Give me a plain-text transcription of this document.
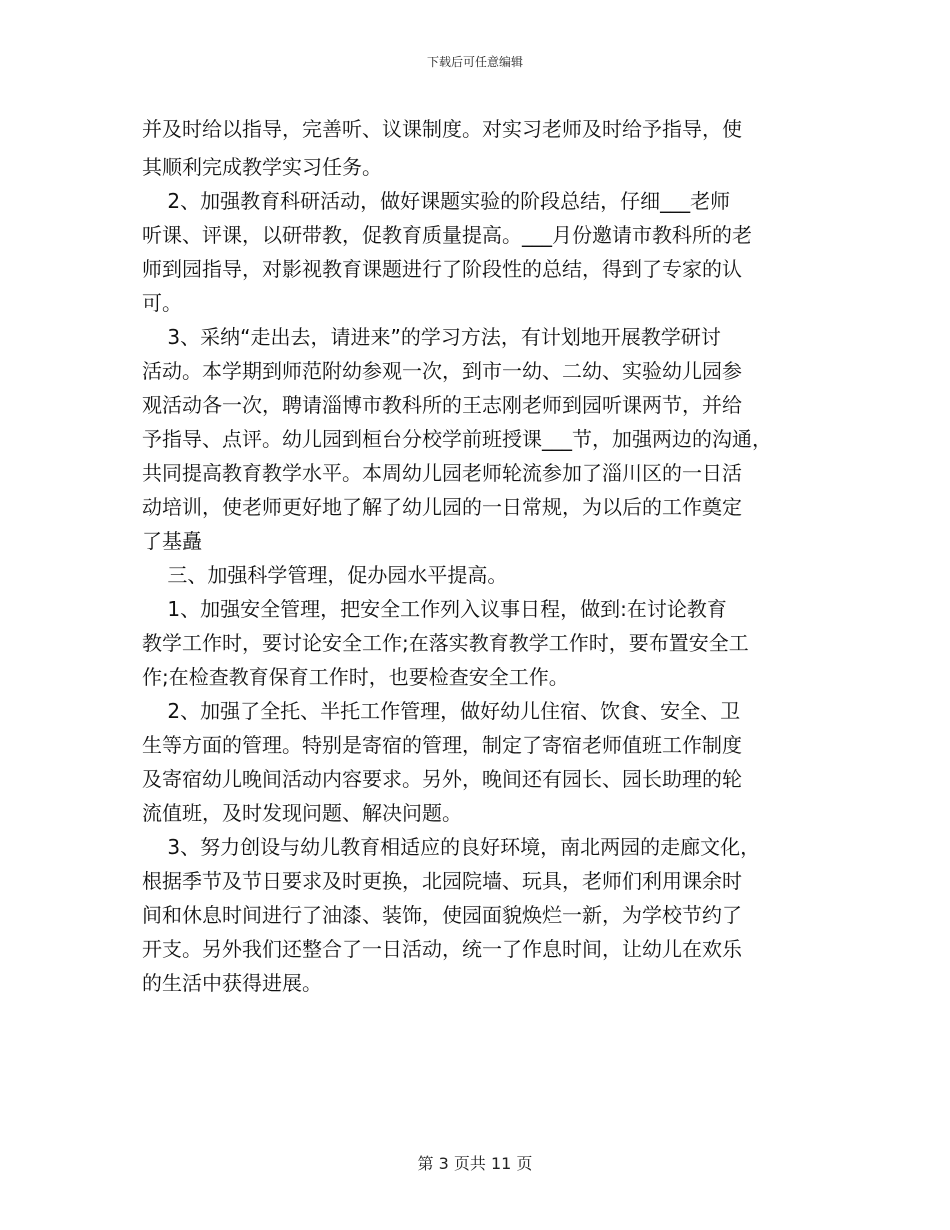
下载后可任意编辑
并及时给以指导，完善听、议课制度。对实习老师及时给予指导，使
其顺利完成教学实习任务。
2、加强教育科研活动，做好课题实验的阶段总结，仔细___老师
听课、评课，以研带教，促教育质量提高。___月份邀请市教科所的老
师到园指导，对影视教育课题进行了阶段性的总结，得到了专家的认
可。
3、采纳“走出去，请进来”的学习方法，有计划地开展教学研讨
活动。本学期到师范附幼参观一次，到市一幼、二幼、实验幼儿园参
观活动各一次，聘请淄博市教科所的王志刚老师到园听课两节，并给
予指导、点评。幼儿园到桓台分校学前班授课___节，加强两边的沟通，
共同提高教育教学水平。本周幼儿园老师轮流参加了淄川区的一日活
动培训，使老师更好地了解了幼儿园的一日常规，为以后的工作奠定
了基矗
三、加强科学管理，促办园水平提高。
1、加强安全管理，把安全工作列入议事日程，做到:在讨论教育
教学工作时，要讨论安全工作;在落实教育教学工作时，要布置安全工
作;在检查教育保育工作时，也要检查安全工作。
2、加强了全托、半托工作管理，做好幼儿住宿、饮食、安全、卫
生等方面的管理。特别是寄宿的管理，制定了寄宿老师值班工作制度
及寄宿幼儿晚间活动内容要求。另外，晚间还有园长、园长助理的轮
流值班，及时发现问题、解决问题。
3、努力创设与幼儿教育相适应的良好环境，南北两园的走廊文化，
根据季节及节日要求及时更换，北园院墙、玩具，老师们利用课余时
间和休息时间进行了油漆、装饰，使园面貌焕烂一新，为学校节约了
开支。另外我们还整合了一日活动，统一了作息时间，让幼儿在欢乐
的生活中获得进展。
第 3 页共 11 页
